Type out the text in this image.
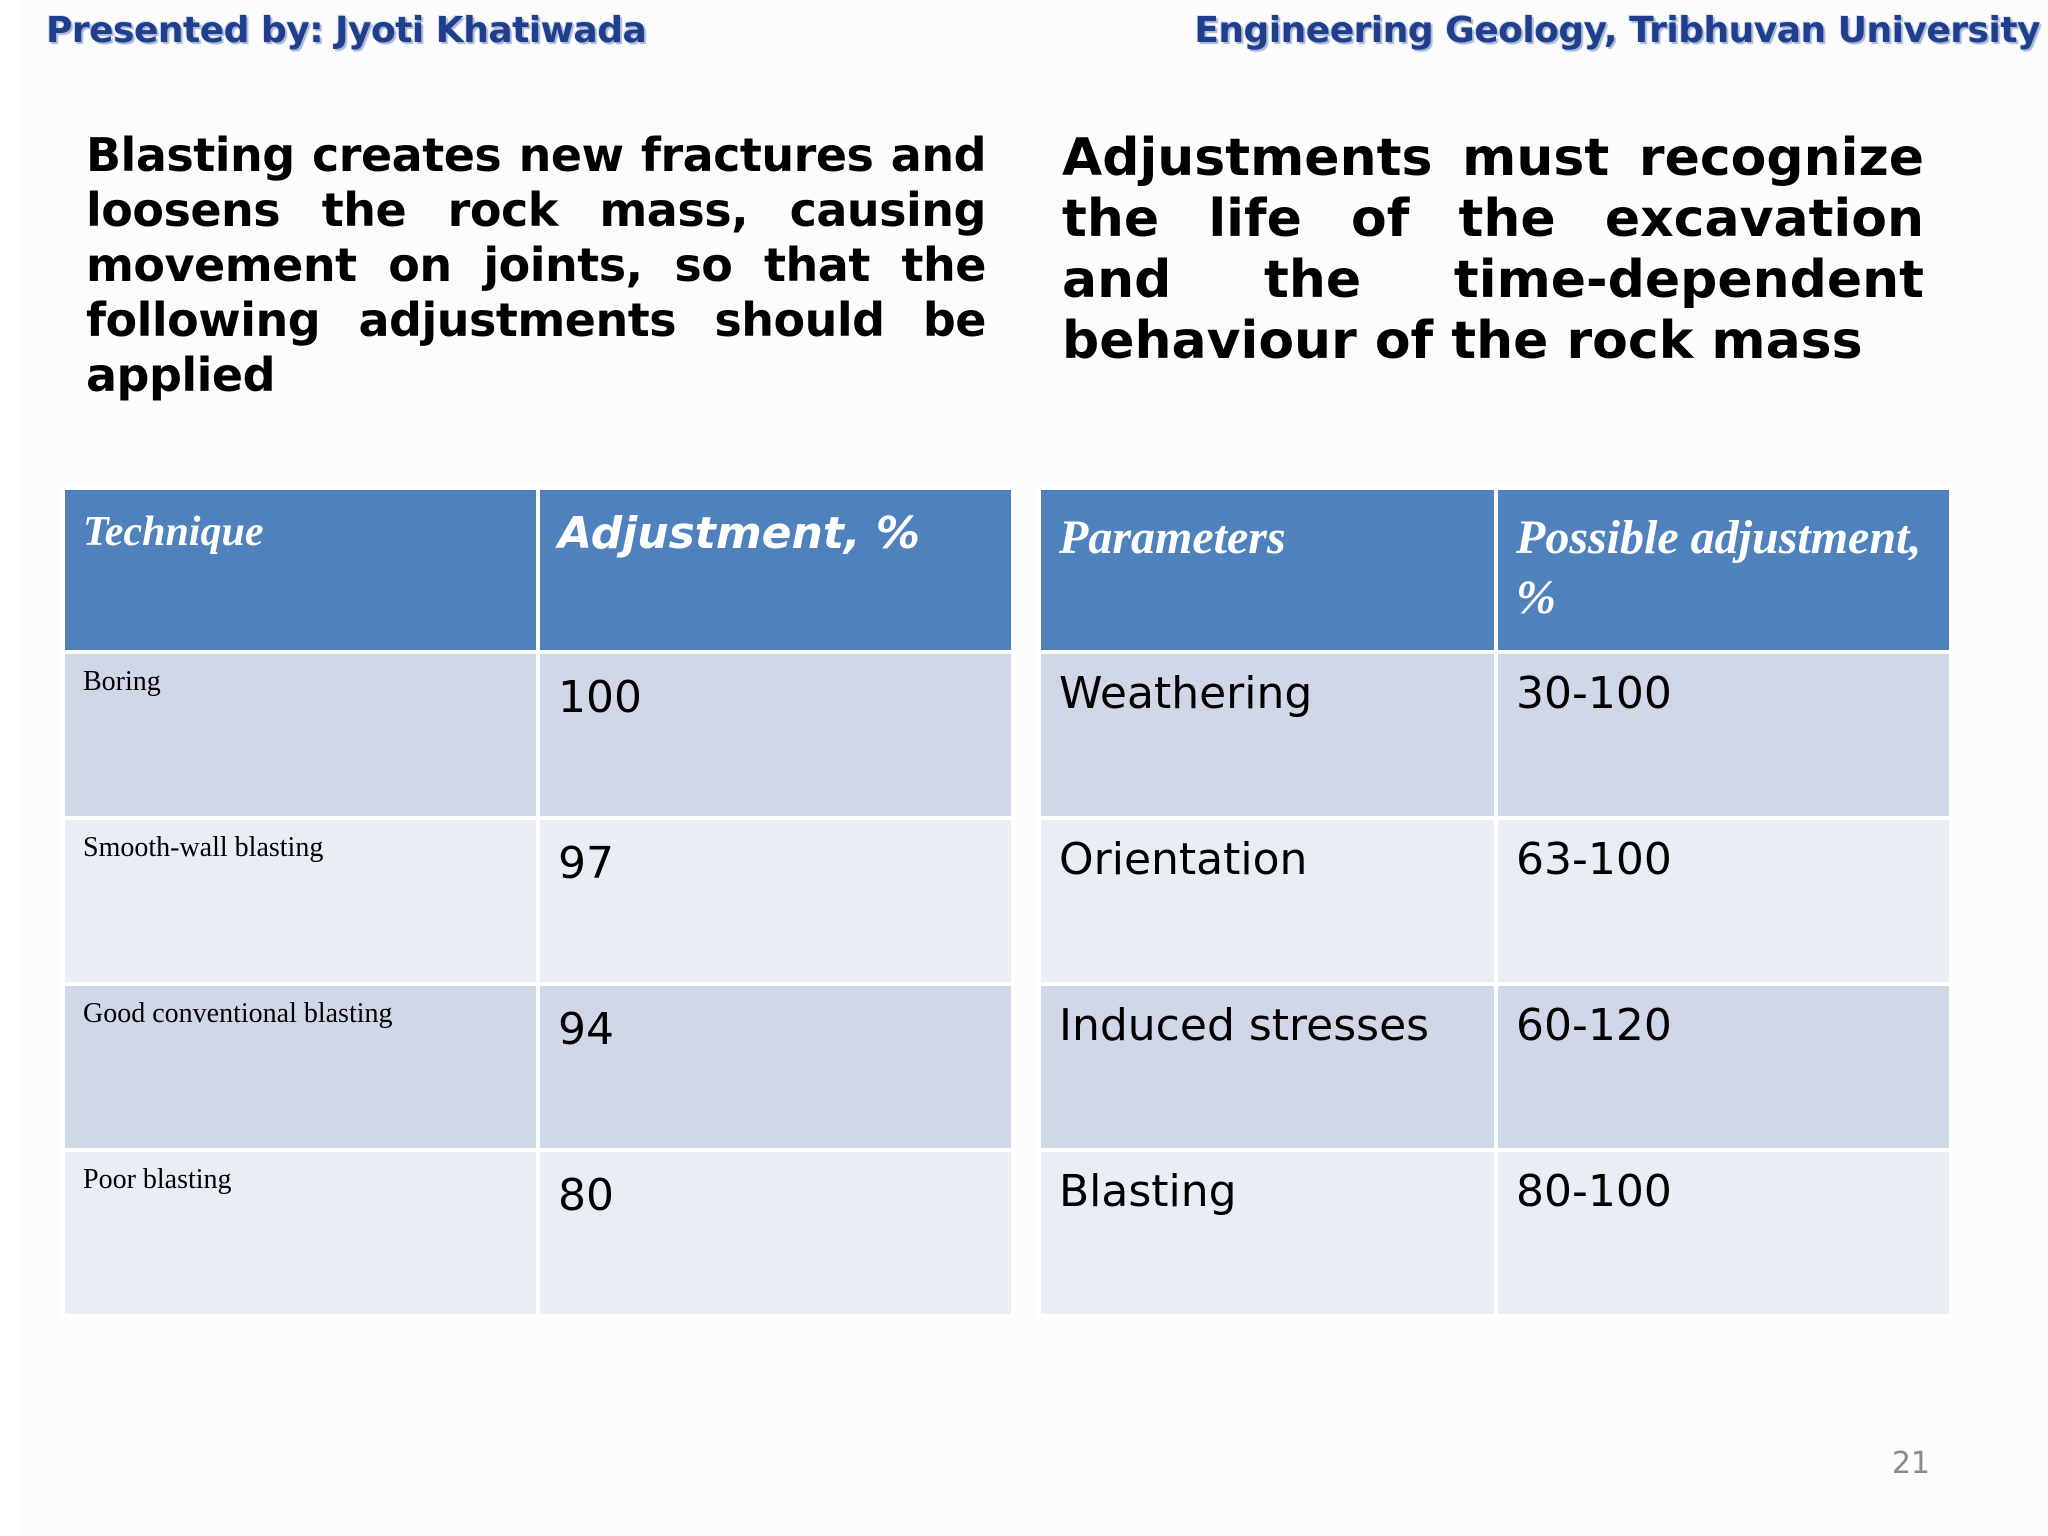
Presented by: Jyoti Khatiwada	Engineering Geology, Tribhuvan University
Blasting creates new fractures and loosens the rock mass, causing movement on joints, so that the following adjustments should be applied
Adjustments must recognize the life of the excavation and the time-dependent behaviour of the rock mass
Technique	Adjustment, %
Boring	100
Smooth-wall blasting	97
Good conventional blasting	94
Poor blasting	80
Parameters	Possible adjustment, %
Weathering	30-100
Orientation	63-100
Induced stresses	60-120
Blasting	80-100
21
